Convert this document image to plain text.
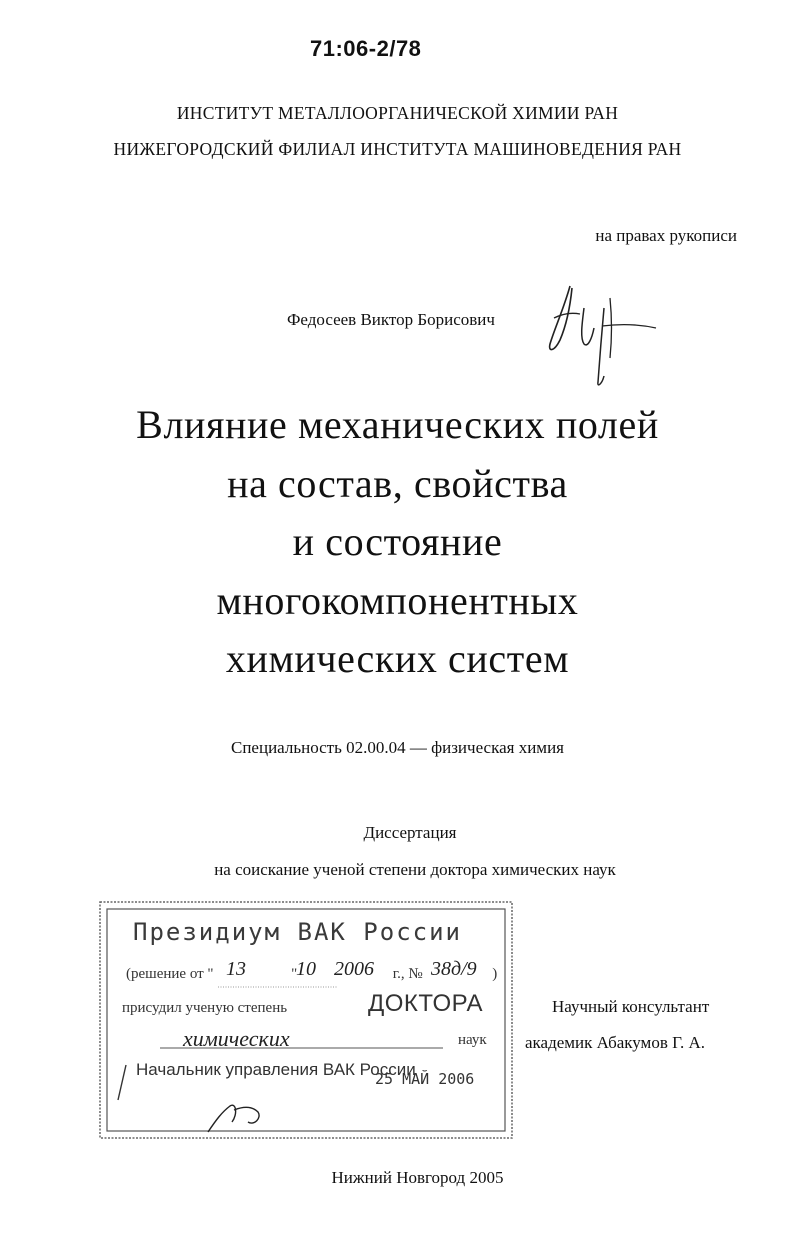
71:06-2/78
ИНСТИТУТ МЕТАЛЛООРГАНИЧЕСКОЙ ХИМИИ РАН
НИЖЕГОРОДСКИЙ ФИЛИАЛ ИНСТИТУТА МАШИНОВЕДЕНИЯ РАН
на правах рукописи
Федосеев Виктор Борисович
Влияние механических полей
на состав, свойства
и состояние
многокомпонентных
химических систем
Специальность 02.00.04 — физическая химия
Диссертация
на соискание ученой степени доктора химических наук
Президиум ВАК России
(решение от "	"	г., №	)
13	10 2006	38д/9
присудил ученую степень	ДОКТОРА
химических	наук
Начальник управления ВАК России
25 МАЙ 2006
Научный консультант
академик Абакумов Г. А.
Нижний Новгород 2005
